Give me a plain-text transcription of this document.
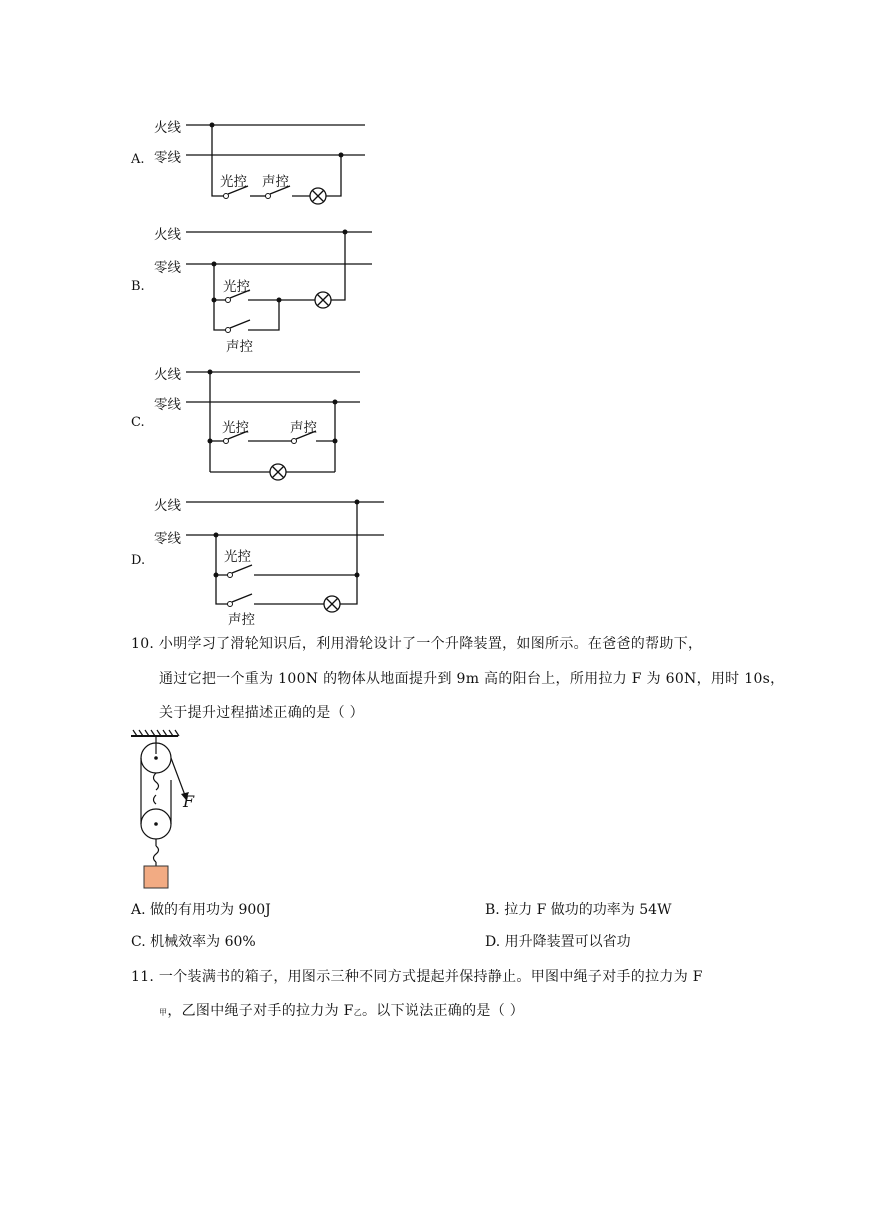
A.
火线
零线
光控 声控
B.
火线
零线
光控
声控
C.
火线
零线
光控	声控
D.
火线
零线
光控
声控
10. 小明学习了滑轮知识后，利用滑轮设计了一个升降装置，如图所示。在爸爸的帮助下，
通过它把一个重为 100N 的物体从地面提升到 9m 高的阳台上，所用拉力 F 为 60N，用时 10s，
关于提升过程描述正确的是（ ）
F
A. 做的有用功为 900J	B. 拉力 F 做功的功率为 54W
C. 机械效率为 60%	D. 用升降装置可以省功
11. 一个装满书的箱子，用图示三种不同方式提起并保持静止。甲图中绳子对手的拉力为 F
甲，乙图中绳子对手的拉力为 F乙。以下说法正确的是（ ）
